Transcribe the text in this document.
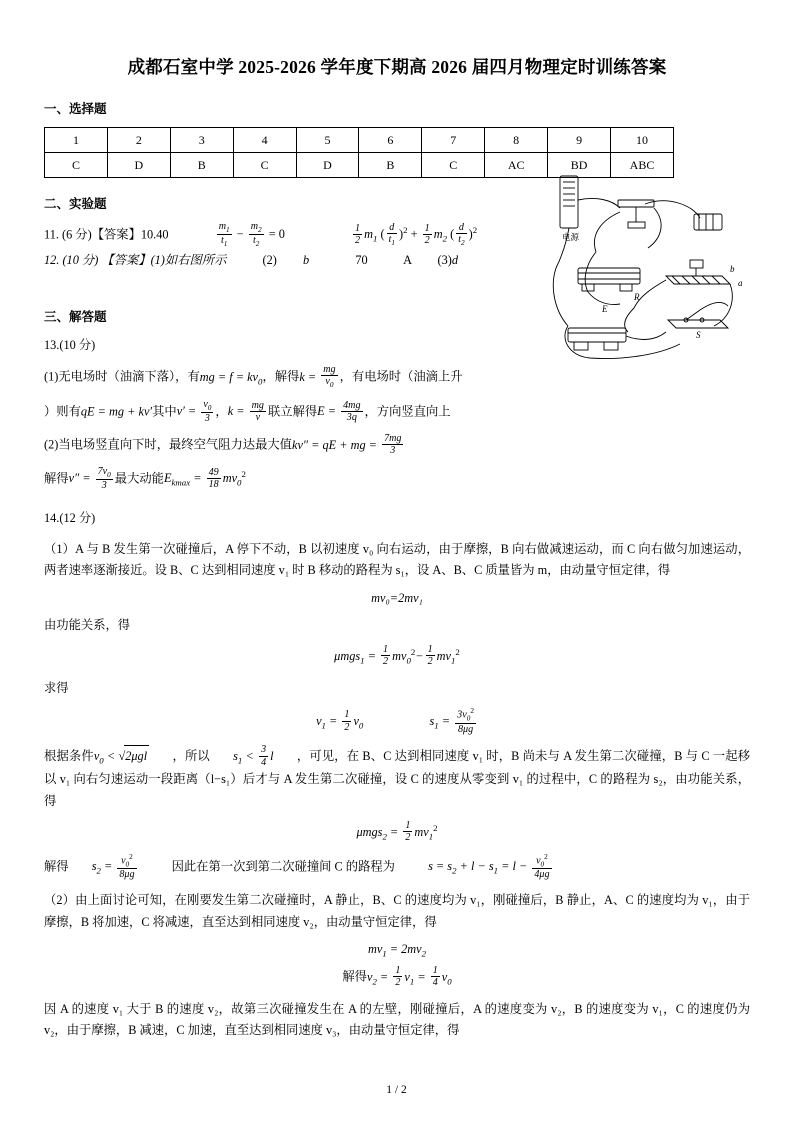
成都石室中学 2025-2026 学年度下期高 2026 届四月物理定时训练答案
一、选择题
1	2	3	4	5	6	7	8	9	10
C	D	B	C	D	B	C	AC	BD	ABC
二、实验题
11. (6 分)【答案】10.40	$\frac{m_1}{t_1} - \frac{m_2}{t_2} = 0$	$\frac{1}{2} m_1$ ( $\frac{d}{t_1} )^2 + \frac{1}{2} m_2$ ( $\frac{d}{t_2} )^2$
12. (10 分) 【答案】(1)如右图所示	(2) b	70	A (3)d
三、解答题
13.(10 分)
(1)无电场时（油滴下落），有mg = $f = kv_0$，解得$k = \frac{mg}{v_0}$ ，有电场时（油滴上升
）则有qE = mg + kv′其中$v' = \frac{v_0}{3}$ ，$k = \frac{mg}{v}$ 联立解得$E = \frac{4mg}{3q}$ ，方向竖直向上
(2)当电场竖直向下时，最终空气阻力达最大值kv″ = qE + mg = $\frac{7mg}{3}$
解得$v'' = \frac{7v_0}{3}$ 最大动能$E_{kmax} = \frac{49}{18} mv_0^2$
14.(12 分)
（1）A 与 B 发生第一次碰撞后，A 停下不动，B 以初速度 v₀ 向右运动，由于摩擦，B 向右做减速运动，而 C 向右做匀加速运动，两者速率逐渐接近。设 B、C 达到相同速度 v₁ 时 B 移动的路程为 s₁，设 A、B、C 质量皆为 m，由动量守恒定律，得
mv₀=2mv₁
由功能关系，得
$\mu mgs_1 = \frac{1}{2} mv_0^2- \frac{1}{2} mv_1^2$
求得
$v_1 = \frac{1}{2} v_0$	$s_1 = \frac{3v_0^2}{8\mu g}$
根据条件$v_0 < √2\mu gl$ ，所以 $s_1 < \frac{3}{4}$ l ，可见，在 B、C 达到相同速度 v₁ 时，B 尚未与 A 发生第二次碰撞，B 与 C 一起移以 v₁ 向右匀速运动一段距离（l−s₁）后才与 A 发生第二次碰撞，设 C 的速度从零变到 v₁ 的过程中，C 的路程为 s₂，由功能关系，得
$\mu mgs_2 = \frac{1}{2} mv_1^2$
解得 $s_2 = \frac{v_0^2}{8\mu g}$	因此在第一次到第二次碰撞间 C 的路程为	$s = s_2 + l - s_1 = l - \frac{v_0^2}{4\mu g}$
（2）由上面讨论可知，在刚要发生第二次碰撞时，A 静止，B、C 的速度均为 v₁，刚碰撞后，B 静止，A、C 的速度均为 v₁，由于摩擦，B 将加速，C 将减速，直至达到相同速度 v₂，由动量守恒定律，得
$mv_1 = 2mv_2$
解得$v_2 = \frac{1}{2} v_1 = \frac{1}{4} v_0$
因 A 的速度 v₁ 大于 B 的速度 v₂，故第三次碰撞发生在 A 的左壁，刚碰撞后，A 的速度变为 v₂，B 的速度变为 v₁，C 的速度仍为 v₂，由于摩擦，B 减速，C 加速，直至达到相同速度 v₃，由动量守恒定律，得
R
b
a
E
S
电源
1 / 2
